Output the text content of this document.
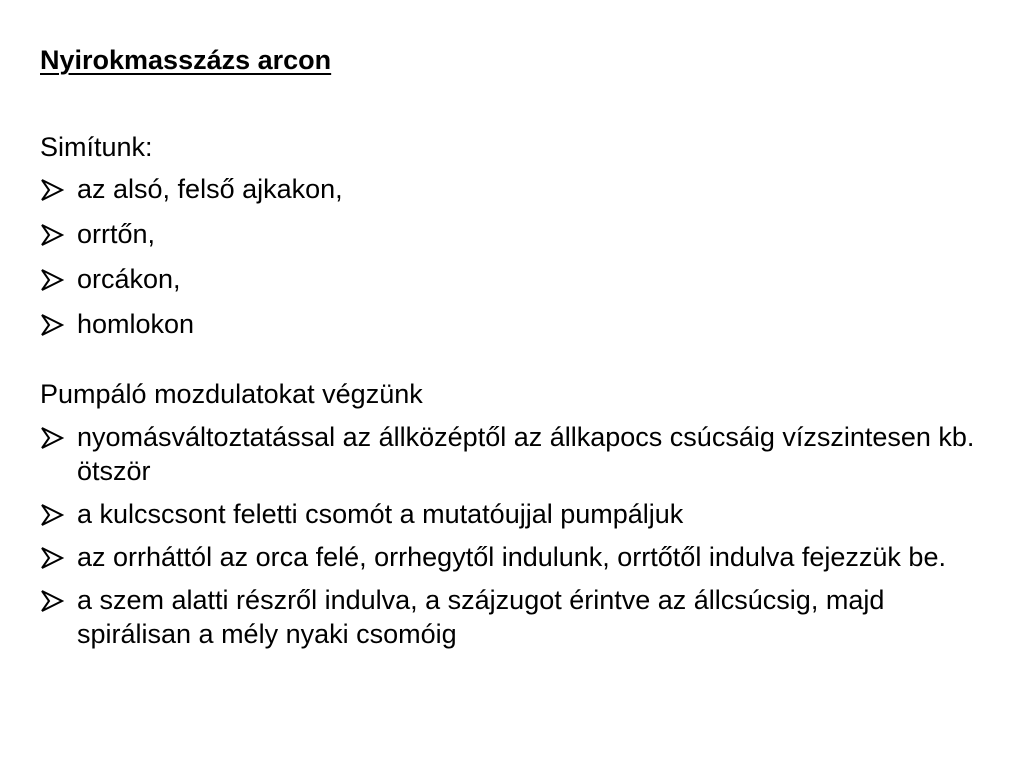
Nyirokmasszázs arcon

Simítunk:

az alsó, felső ajkakon,
orrtőn,
orcákon,
homlokon

Pumpáló mozdulatokat végzünk

nyomásváltoztatással az állközéptől az állkapocs csúcsáig vízszintesen kb. ötször
a kulcscsont feletti csomót a mutatóujjal pumpáljuk
az orrháttól az orca felé, orrhegytől indulunk, orrtőtől indulva fejezzük be.
a szem alatti részről indulva, a szájzugot érintve az állcsúcsig, majd spirálisan a mély nyaki csomóig
